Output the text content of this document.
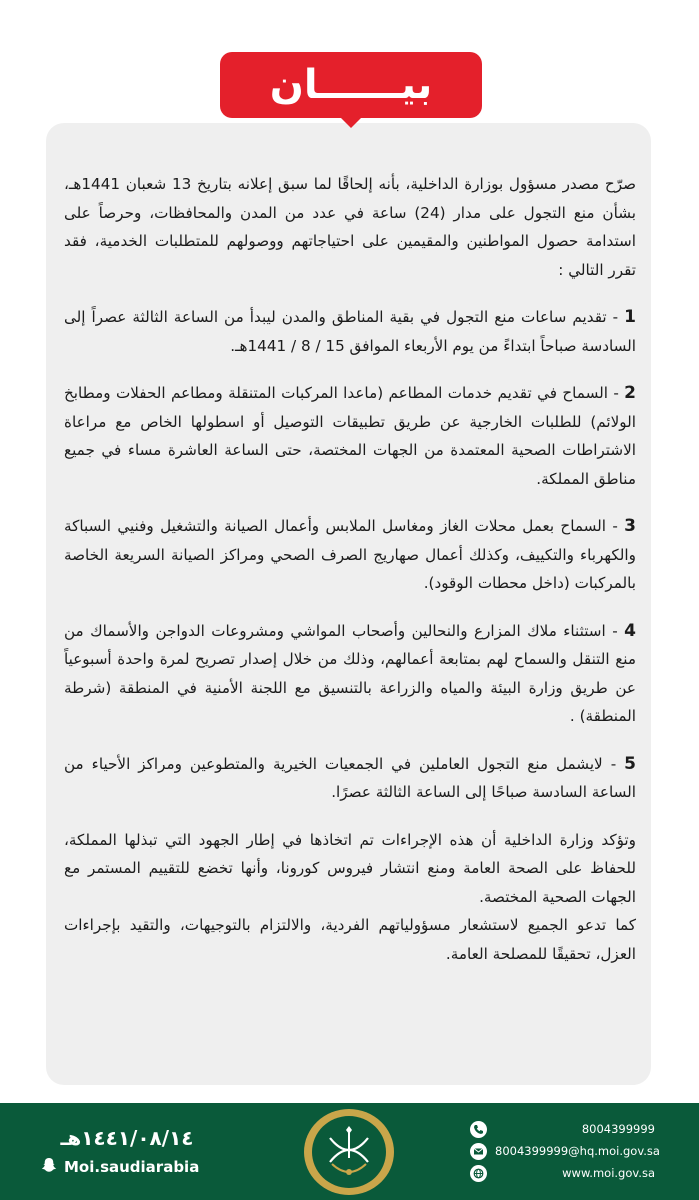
بيــــــان

صرّح مصدر مسؤول بوزارة الداخلية، بأنه إلحاقًا لما سبق إعلانه بتاريخ 13 شعبان 1441هـ، بشأن منع التجول على مدار (24) ساعة في عدد من المدن والمحافظات، وحرصاً على استدامة حصول المواطنين والمقيمين على احتياجاتهم ووصولهم للمتطلبات الخدمية، فقد تقرر التالي :

1 - تقديم ساعات منع التجول في بقية المناطق والمدن ليبدأ من الساعة الثالثة عصراً إلى السادسة صباحاً ابتداءً من يوم الأربعاء الموافق 15 / 8 / 1441هـ.

2 - السماح في تقديم خدمات المطاعم (ماعدا المركبات المتنقلة ومطاعم الحفلات ومطابخ الولائم) للطلبات الخارجية عن طريق تطبيقات التوصيل أو اسطولها الخاص مع مراعاة الاشتراطات الصحية المعتمدة من الجهات المختصة، حتى الساعة العاشرة مساء في جميع مناطق المملكة.

3 - السماح بعمل محلات الغاز ومغاسل الملابس وأعمال الصيانة والتشغيل وفنيي السباكة والكهرباء والتكييف، وكذلك أعمال صهاريج الصرف الصحي ومراكز الصيانة السريعة الخاصة بالمركبات (داخل محطات الوقود).

4 - استثناء ملاك المزارع والنحالين وأصحاب المواشي ومشروعات الدواجن والأسماك من منع التنقل والسماح لهم بمتابعة أعمالهم، وذلك من خلال إصدار تصريح لمرة واحدة أسبوعياً عن طريق وزارة البيئة والمياه والزراعة بالتنسيق مع اللجنة الأمنية في المنطقة (شرطة المنطقة) .

5 - لايشمل منع التجول العاملين في الجمعيات الخيرية والمتطوعين ومراكز الأحياء من الساعة السادسة صباحًا إلى الساعة الثالثة عصرًا.

وتؤكد وزارة الداخلية أن هذه الإجراءات تم اتخاذها في إطار الجهود التي تبذلها المملكة، للحفاظ على الصحة العامة ومنع انتشار فيروس كورونا، وأنها تخضع للتقييم المستمر مع الجهات الصحية المختصة.

كما تدعو الجميع لاستشعار مسؤولياتهم الفردية، والالتزام بالتوجيهات، والتقيد بإجراءات العزل، تحقيقًا للمصلحة العامة.

١٤٤١/٠٨/١٤هـ
Moi.saudiarabia
8004399999
8004399999@hq.moi.gov.sa
www.moi.gov.sa
